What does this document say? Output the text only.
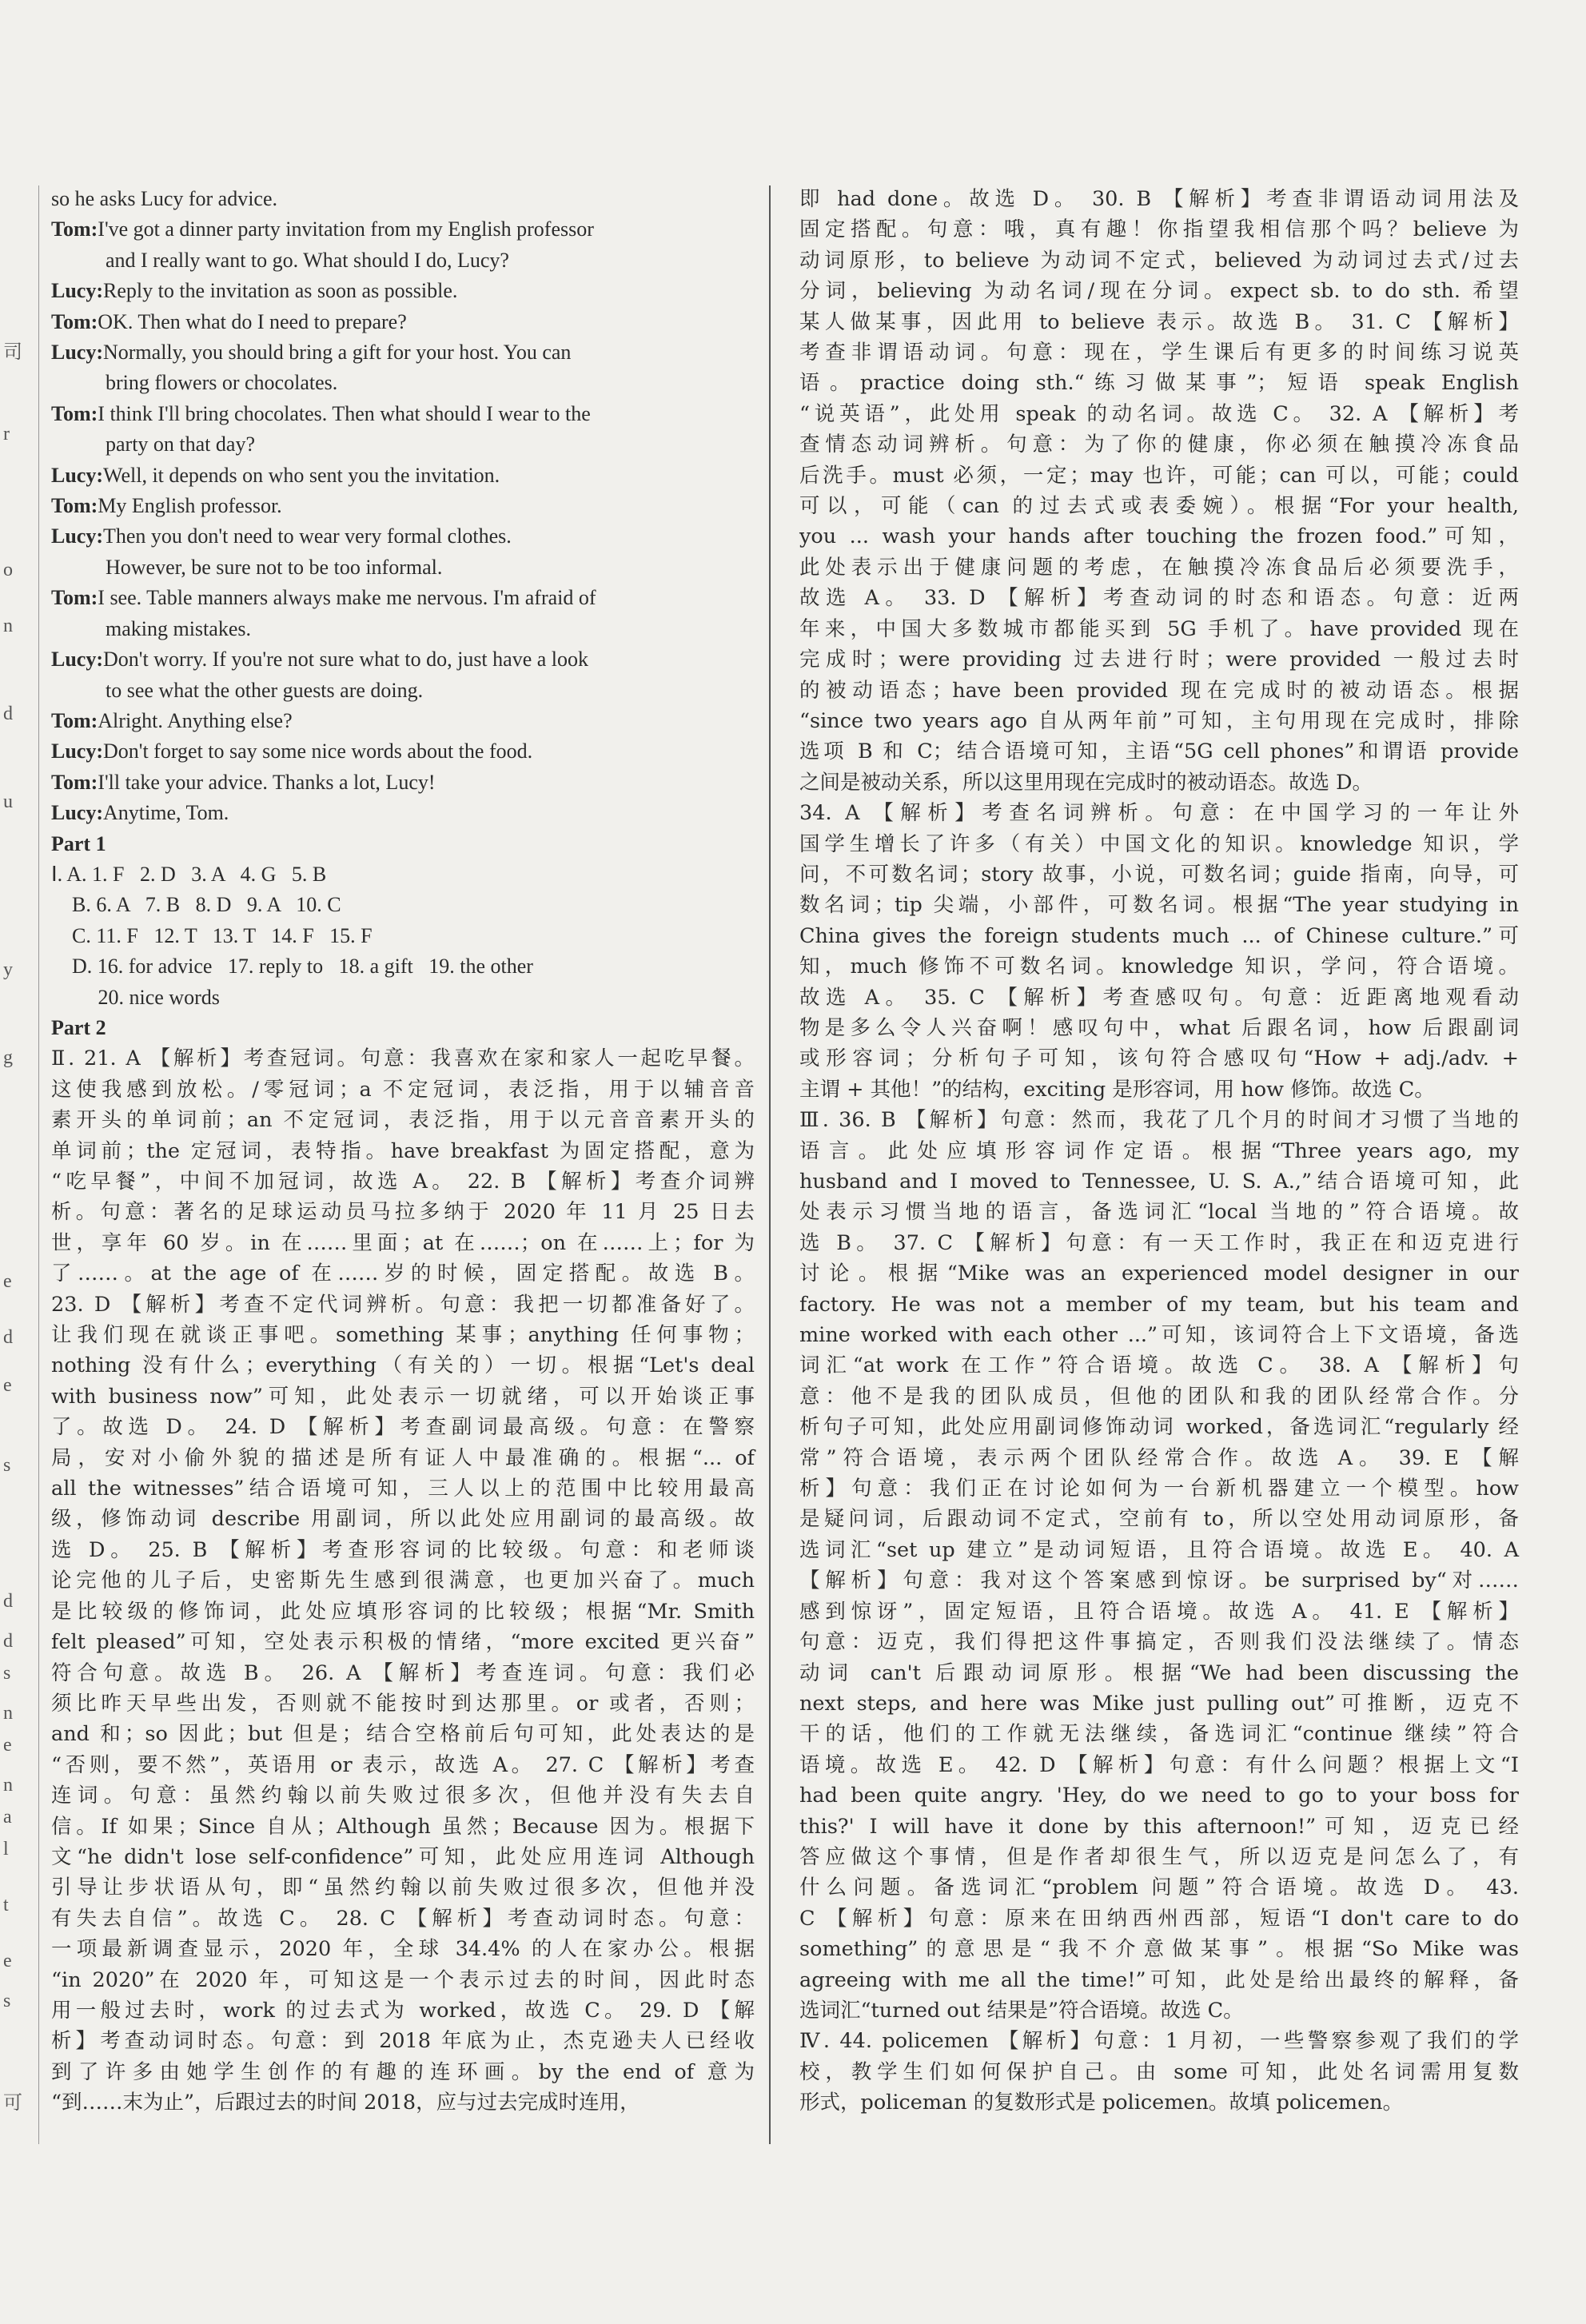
司
r
o
n
d
u
y
g
e
d
e
s
d
d
s
n
e
n
a
l
t
e
s
可
so he asks Lucy for advice.
Tom: I've got a dinner party invitation from my English professor
and I really want to go. What should I do, Lucy?
Lucy: Reply to the invitation as soon as possible.
Tom: OK. Then what do I need to prepare?
Lucy: Normally, you should bring a gift for your host. You can
bring flowers or chocolates.
Tom: I think I'll bring chocolates. Then what should I wear to the
party on that day?
Lucy: Well, it depends on who sent you the invitation.
Tom: My English professor.
Lucy: Then you don't need to wear very formal clothes.
However, be sure not to be too informal.
Tom: I see. Table manners always make me nervous. I'm afraid of
making mistakes.
Lucy: Don't worry. If you're not sure what to do, just have a look
to see what the other guests are doing.
Tom: Alright. Anything else?
Lucy: Don't forget to say some nice words about the food.
Tom: I'll take your advice. Thanks a lot, Lucy!
Lucy: Anytime, Tom.
Part 1
Ⅰ. A. 1. F   2. D   3. A   4. G   5. B
B. 6. A   7. B   8. D   9. A   10. C
C. 11. F   12. T   13. T   14. F   15. F
D. 16. for advice   17. reply to   18. a gift   19. the other
20. nice words
Part 2

Ⅱ. 21. A 【解析】考查冠词。句意：我喜欢在家和家人一起吃早餐。

这使我感到放松。/零冠词；a 不定冠词，表泛指，用于以辅音音

素开头的单词前；an 不定冠词，表泛指，用于以元音音素开头的

单词前；the 定冠词，表特指。have breakfast 为固定搭配，意为

“吃早餐”，中间不加冠词，故选 A。 22. B 【解析】考查介词辨

析。句意：著名的足球运动员马拉多纳于 2020 年 11 月 25 日去

世，享年 60 岁。in 在……里面；at 在……；on 在……上；for 为

了……。at the age of 在……岁的时候，固定搭配。故选 B。

23. D 【解析】考查不定代词辨析。句意：我把一切都准备好了。

让我们现在就谈正事吧。something 某事；anything 任何事物；

nothing 没有什么；everything（有关的）一切。根据“Let's deal

with business now”可知，此处表示一切就绪，可以开始谈正事

了。故选 D。 24. D 【解析】考查副词最高级。句意：在警察

局，安对小偷外貌的描述是所有证人中最准确的。根据“... of

all the witnesses”结合语境可知，三人以上的范围中比较用最高

级，修饰动词 describe 用副词，所以此处应用副词的最高级。故

选 D。 25. B 【解析】考查形容词的比较级。句意：和老师谈

论完他的儿子后，史密斯先生感到很满意，也更加兴奋了。much

是比较级的修饰词，此处应填形容词的比较级；根据“Mr. Smith

felt pleased”可知，空处表示积极的情绪，“more excited 更兴奋”

符合句意。故选 B。 26. A 【解析】考查连词。句意：我们必

须比昨天早些出发，否则就不能按时到达那里。or 或者，否则；

and 和；so 因此；but 但是；结合空格前后句可知，此处表达的是

“否则，要不然”，英语用 or 表示，故选 A。 27. C 【解析】考查

连词。句意：虽然约翰以前失败过很多次，但他并没有失去自

信。If 如果；Since 自从；Although 虽然；Because 因为。根据下

文“he didn't lose self-confidence”可知，此处应用连词 Although

引导让步状语从句，即“虽然约翰以前失败过很多次，但他并没

有失去自信”。故选 C。 28. C 【解析】考查动词时态。句意：

一项最新调查显示，2020 年，全球 34.4% 的人在家办公。根据

“in 2020”在 2020 年，可知这是一个表示过去的时间，因此时态

用一般过去时，work 的过去式为 worked，故选 C。 29. D 【解

析】考查动词时态。句意：到 2018 年底为止，杰克逊夫人已经收

到了许多由她学生创作的有趣的连环画。by the end of 意为

“到……末为止”，后跟过去的时间 2018，应与过去完成时连用，

即 had done。故选 D。 30. B 【解析】考查非谓语动词用法及

固定搭配。句意：哦，真有趣！你指望我相信那个吗？believe 为

动词原形，to believe 为动词不定式，believed 为动词过去式/过去

分词，believing 为动名词/现在分词。expect sb. to do sth. 希望

某人做某事，因此用 to believe 表示。故选 B。 31. C 【解析】

考查非谓语动词。句意：现在，学生课后有更多的时间练习说英

语。practice doing sth.“练习做某事”；短语 speak English

“说英语”，此处用 speak 的动名词。故选 C。 32. A 【解析】考

查情态动词辨析。句意：为了你的健康，你必须在触摸冷冻食品

后洗手。must 必须，一定；may 也许，可能；can 可以，可能；could

可以，可能（can 的过去式或表委婉）。根据“For your health,

you ... wash your hands after touching the frozen food.”可知，

此处表示出于健康问题的考虑，在触摸冷冻食品后必须要洗手，

故选 A。 33. D 【解析】考查动词的时态和语态。句意：近两

年来，中国大多数城市都能买到 5G 手机了。have provided 现在

完成时；were providing 过去进行时；were provided 一般过去时

的被动语态；have been provided 现在完成时的被动语态。根据

“since two years ago 自从两年前”可知，主句用现在完成时，排除

选项 B 和 C；结合语境可知，主语“5G cell phones”和谓语 provide

之间是被动关系，所以这里用现在完成时的被动语态。故选 D。

34. A 【解析】考查名词辨析。句意：在中国学习的一年让外

国学生增长了许多（有关）中国文化的知识。knowledge 知识，学

问，不可数名词；story 故事，小说，可数名词；guide 指南，向导，可

数名词；tip 尖端，小部件，可数名词。根据“The year studying in

China gives the foreign students much ... of Chinese culture.”可

知，much 修饰不可数名词。knowledge 知识，学问，符合语境。

故选 A。 35. C 【解析】考查感叹句。句意：近距离地观看动

物是多么令人兴奋啊！感叹句中，what 后跟名词，how 后跟副词

或形容词；分析句子可知，该句符合感叹句“How + adj./adv. +

主谓 + 其他！”的结构，exciting 是形容词，用 how 修饰。故选 C。

Ⅲ. 36. B 【解析】句意：然而，我花了几个月的时间才习惯了当地的

语言。此处应填形容词作定语。根据“Three years ago, my

husband and I moved to Tennessee, U. S. A.,”结合语境可知，此

处表示习惯当地的语言，备选词汇“local 当地的”符合语境。故

选 B。 37. C 【解析】句意：有一天工作时，我正在和迈克进行

讨论。根据“Mike was an experienced model designer in our

factory. He was not a member of my team, but his team and

mine worked with each other ...”可知，该词符合上下文语境，备选

词汇“at work 在工作”符合语境。故选 C。 38. A 【解析】句

意：他不是我的团队成员，但他的团队和我的团队经常合作。分

析句子可知，此处应用副词修饰动词 worked，备选词汇“regularly 经

常”符合语境，表示两个团队经常合作。故选 A。 39. E 【解

析】句意：我们正在讨论如何为一台新机器建立一个模型。how

是疑问词，后跟动词不定式，空前有 to，所以空处用动词原形，备

选词汇“set up 建立”是动词短语，且符合语境。故选 E。 40. A

【解析】句意：我对这个答案感到惊讶。be surprised by“对……

感到惊讶”，固定短语，且符合语境。故选 A。 41. E 【解析】

句意：迈克，我们得把这件事搞定，否则我们没法继续了。情态

动词 can't 后跟动词原形。根据“We had been discussing the

next steps, and here was Mike just pulling out”可推断，迈克不

干的话，他们的工作就无法继续，备选词汇“continue 继续”符合

语境。故选 E。 42. D 【解析】句意：有什么问题？根据上文“I

had been quite angry. 'Hey, do we need to go to your boss for

this?' I will have it done by this afternoon!”可知，迈克已经

答应做这个事情，但是作者却很生气，所以迈克是问怎么了，有

什么问题。备选词汇“problem 问题”符合语境。故选 D。 43.

C 【解析】句意：原来在田纳西州西部，短语“I don't care to do

something”的意思是“我不介意做某事”。根据“So Mike was

agreeing with me all the time!”可知，此处是给出最终的解释，备

选词汇“turned out 结果是”符合语境。故选 C。

Ⅳ. 44. policemen 【解析】句意：1 月初，一些警察参观了我们的学

校，教学生们如何保护自己。由 some 可知，此处名词需用复数

形式，policeman 的复数形式是 policemen。故填 policemen。
